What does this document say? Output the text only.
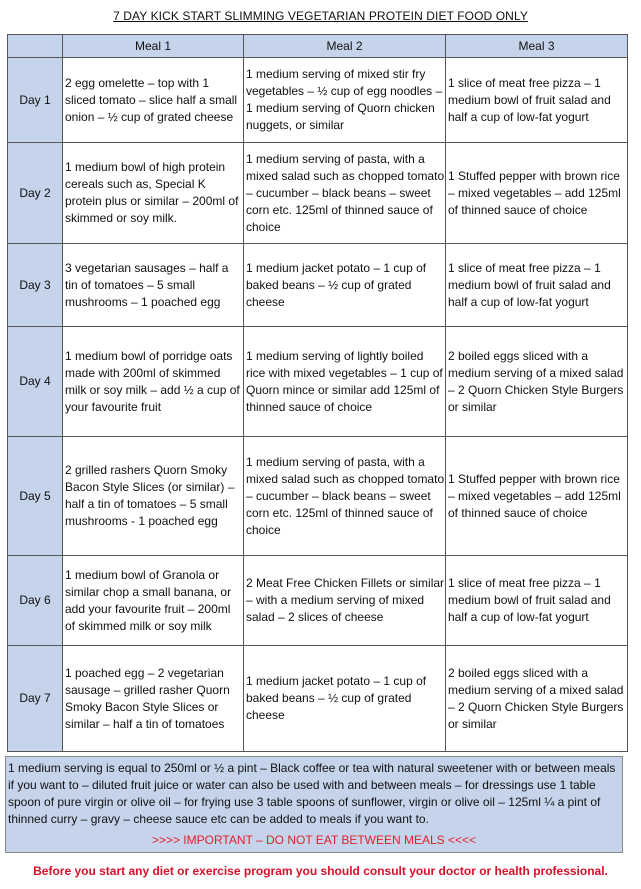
7 DAY KICK START SLIMMING VEGETARIAN PROTEIN DIET FOOD ONLY
	Meal 1	Meal 2	Meal 3
Day 1	2 egg omelette – top with 1 sliced tomato – slice half a small onion – ½ cup of grated cheese	1 medium serving of mixed stir fry vegetables – ½ cup of egg noodles – 1 medium serving of Quorn chicken nuggets, or similar	1 slice of meat free pizza – 1 medium bowl of fruit salad and half a cup of low-fat yogurt
Day 2	1 medium bowl of high protein cereals such as, Special K protein plus or similar – 200ml of skimmed or soy milk.	1 medium serving of pasta, with a mixed salad such as chopped tomato – cucumber – black beans – sweet corn etc. 125ml of thinned sauce of choice	1 Stuffed pepper with brown rice – mixed vegetables – add 125ml of thinned sauce of choice
Day 3	3 vegetarian sausages – half a tin of tomatoes – 5 small mushrooms – 1 poached egg	1 medium jacket potato – 1 cup of baked beans – ½ cup of grated cheese	1 slice of meat free pizza – 1 medium bowl of fruit salad and half a cup of low-fat yogurt
Day 4	1 medium bowl of porridge oats made with 200ml of skimmed milk or soy milk – add ½ a cup of your favourite fruit	1 medium serving of lightly boiled rice with mixed vegetables – 1 cup of Quorn mince or similar add 125ml of thinned sauce of choice	2 boiled eggs sliced with a medium serving of a mixed salad – 2 Quorn Chicken Style Burgers or similar
Day 5	2 grilled rashers Quorn Smoky Bacon Style Slices (or similar) – half a tin of tomatoes – 5 small mushrooms - 1 poached egg	1 medium serving of pasta, with a mixed salad such as chopped tomato – cucumber – black beans – sweet corn etc. 125ml of thinned sauce of choice	1 Stuffed pepper with brown rice – mixed vegetables – add 125ml of thinned sauce of choice
Day 6	1 medium bowl of Granola or similar chop a small banana, or add your favourite fruit – 200ml of skimmed milk or soy milk	2 Meat Free Chicken Fillets or similar – with a medium serving of mixed salad – 2 slices of cheese	1 slice of meat free pizza – 1 medium bowl of fruit salad and half a cup of low-fat yogurt
Day 7	1 poached egg – 2 vegetarian sausage – grilled rasher Quorn Smoky Bacon Style Slices or similar – half a tin of tomatoes	1 medium jacket potato – 1 cup of baked beans – ½ cup of grated cheese	2 boiled eggs sliced with a medium serving of a mixed salad – 2 Quorn Chicken Style Burgers or similar
1 medium serving is equal to 250ml or ½ a pint – Black coffee or tea with natural sweetener with or between meals if you want to – diluted fruit juice or water can also be used with and between meals – for dressings use 1 table spoon of pure virgin or olive oil – for frying use 3 table spoons of sunflower, virgin or olive oil – 125ml ¼ a pint of thinned curry – gravy – cheese sauce etc can be added to meals if you want to.
>>>> IMPORTANT – DO NOT EAT BETWEEN MEALS <<<<
Before you start any diet or exercise program you should consult your doctor or health professional.
